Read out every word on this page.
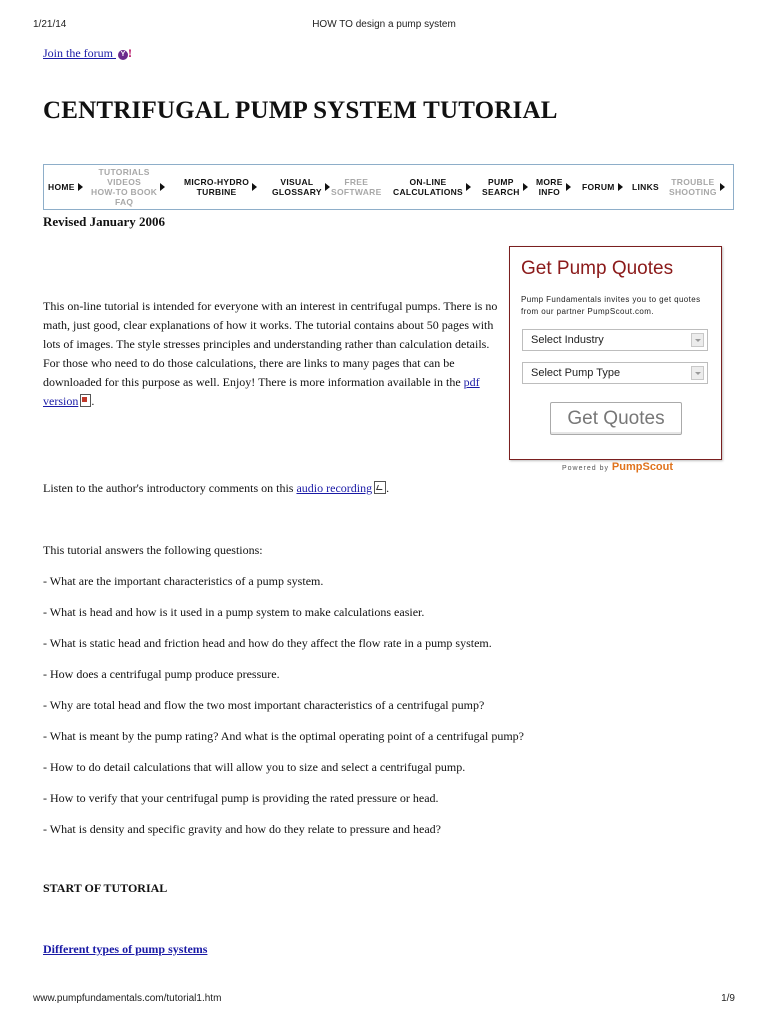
1/21/14	HOW TO design a pump system
Join the forum Y !
CENTRIFUGAL PUMP SYSTEM TUTORIAL
HOME
TUTORIALS
VIDEOS
HOW-TO BOOK
FAQ
MICRO-HYDRO
TURBINE
VISUAL
GLOSSARY
FREE
SOFTWARE
ON-LINE
CALCULATIONS
PUMP
SEARCH
MORE
INFO	FORUM LINKS TROUBLE
SHOOTING
Revised January 2006

This on-line tutorial is intended for everyone with an interest in centrifugal pumps. There is no math, just good, clear explanations of how it works. The tutorial contains about 50 pages with lots of images. The style stresses principles and understanding rather than calculation details. For those who need to do those calculations, there are links to many pages that can be downloaded for this purpose as well. Enjoy! There is more information available in the pdf version .

Listen to the author's introductory comments on this audio recording .

This tutorial answers the following questions:
- What are the important characteristics of a pump system.
- What is head and how is it used in a pump system to make calculations easier.
- What is static head and friction head and how do they affect the flow rate in a pump system.
- How does a centrifugal pump produce pressure.
- Why are total head and flow the two most important characteristics of a centrifugal pump?
- What is meant by the pump rating? And what is the optimal operating point of a centrifugal pump?
- How to do detail calculations that will allow you to size and select a centrifugal pump.
- How to verify that your centrifugal pump is providing the rated pressure or head.
- What is density and specific gravity and how do they relate to pressure and head?
START OF TUTORIAL
Different types of pump systems
Get Pump Quotes

Pump Fundamentals invites you to get quotes from our partner PumpScout.com.

Select Industry
Select Pump Type
Get Quotes
Powered by PumpScout
www.pumpfundamentals.com/tutorial1.htm	1/9
